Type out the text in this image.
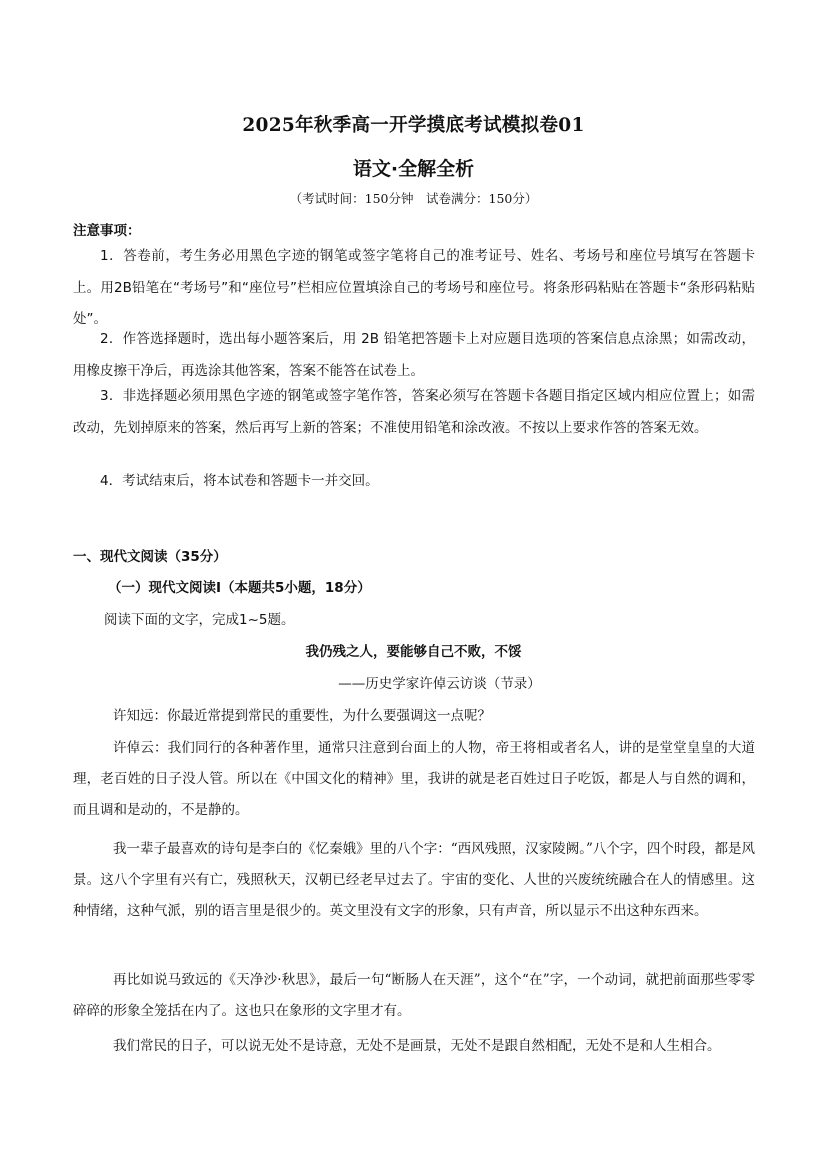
2025年秋季高一开学摸底考试模拟卷01
语文·全解全析
（考试时间：150分钟　试卷满分：150分）
注意事项：
1．答卷前，考生务必用黑色字迹的钢笔或签字笔将自己的准考证号、姓名、考场号和座位号填写在答题卡上。用2B铅笔在“考场号”和“座位号”栏相应位置填涂自己的考场号和座位号。将条形码粘贴在答题卡“条形码粘贴处”。
2．作答选择题时，选出每小题答案后，用 2B 铅笔把答题卡上对应题目选项的答案信息点涂黑；如需改动，用橡皮擦干净后，再选涂其他答案，答案不能答在试卷上。
3．非选择题必须用黑色字迹的钢笔或签字笔作答，答案必须写在答题卡各题目指定区域内相应位置上；如需改动，先划掉原来的答案，然后再写上新的答案；不准使用铅笔和涂改液。不按以上要求作答的答案无效。
4．考试结束后，将本试卷和答题卡一并交回。
一、现代文阅读（35分）
（一）现代文阅读Ⅰ（本题共5小题，18分）
阅读下面的文字，完成1~5题。
我仍残之人，要能够自己不败，不馁
——历史学家许倬云访谈（节录）
许知远：你最近常提到常民的重要性，为什么要强调这一点呢？
许倬云：我们同行的各种著作里，通常只注意到台面上的人物，帝王将相或者名人，讲的是堂堂皇皇的大道理，老百姓的日子没人管。所以在《中国文化的精神》里，我讲的就是老百姓过日子吃饭，都是人与自然的调和，而且调和是动的，不是静的。
我一辈子最喜欢的诗句是李白的《忆秦娥》里的八个字：“西风残照，汉家陵阙。”八个字，四个时段，都是风景。这八个字里有兴有亡，残照秋天，汉朝已经老早过去了。宇宙的变化、人世的兴废统统融合在人的情感里。这种情绪，这种气派，别的语言里是很少的。英文里没有文字的形象，只有声音，所以显示不出这种东西来。
再比如说马致远的《天净沙·秋思》，最后一句“断肠人在天涯”，这个“在”字，一个动词，就把前面那些零零碎碎的形象全笼括在内了。这也只在象形的文字里才有。
我们常民的日子，可以说无处不是诗意，无处不是画景，无处不是跟自然相配，无处不是和人生相合。
